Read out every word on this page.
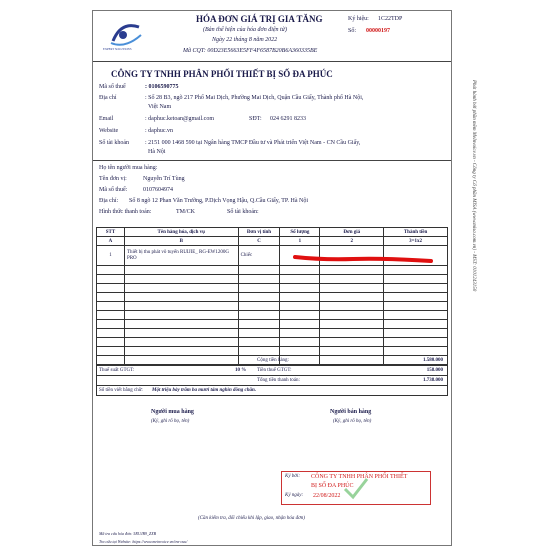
EXPERT SOLUTIONS
HÓA ĐƠN GIÁ TRỊ GIA TĂNG
(Bản thể hiện của hóa đơn điện tử)
Ngày 22 tháng 8 năm 2022
Mã CQT: 00D23E5663E5FF4F6587B20B6A360335BE
Ký hiệu: 1C22TDP
Số: 00000197
CÔNG TY TNHH PHÂN PHỐI THIẾT BỊ SỐ ĐA PHÚC
Mã số thuế	: 0106590775
Địa chỉ	: Số 28 B3, ngõ 217 Phố Mai Dịch, Phường Mai Dịch, Quận Cầu Giấy, Thành phố Hà Nội,
Việt Nam
Email	: daphuc.ketoan@gmail.com	SĐT: 024 6291 8233
Website	: daphuc.vn
Số tài khoản	: 2151 000 1468 590 tại Ngân hàng TMCP Đầu tư và Phát triển Việt Nam - CN Cầu Giấy,
Hà Nội
Họ tên người mua hàng:
Tên đơn vị:	Nguyễn Trí Tùng
Mã số thuế:	0107604974
Địa chỉ: Số 8 ngõ 12 Phan Văn Trường, P.Dịch Vọng Hậu, Q.Cầu Giấy, TP. Hà Nội
Hình thức thanh toán:	TM/CK	Số tài khoản:
STT	Tên hàng hóa, dịch vụ	Đơn vị tính	Số lượng	Đơn giá	Thành tiền
A	B	C	1	2	3=1x2
1	Thiết bị thu phát vô tuyến RUIJIE_ RG-EW1200G PRO	Chiếc			

Cộng tiền hàng:	1.580.000
Thuế suất GTGT:	10 % Tiền thuế GTGT:	158.000
Tổng tiền thanh toán:	1.738.000
Số tiền viết bằng chữ: Một triệu bảy trăm ba mươi tám nghìn đồng chẵn.
Người mua hàng
(Ký, ghi rõ họ, tên)
Người bán hàng
(Ký, ghi rõ họ, tên)
Ký bởi: CÔNG TY TNHH PHÂN PHỐI THIẾT
BỊ SỐ ĐA PHÚC
Ký ngày: 22/08/2022
(Cần kiểm tra, đối chiếu khi lập, giao, nhận hóa đơn)
Mã tra cứu hóa đơn: 5RUJB9_ZXB
Tra cứu tại Website: https://www.meinvoice.vn/tra-cuu/
Phát hành bởi phần mềm MeInvoice.vn - Công ty Cổ phần MISA (www.misa.com.vn) - MST: 0101243150
